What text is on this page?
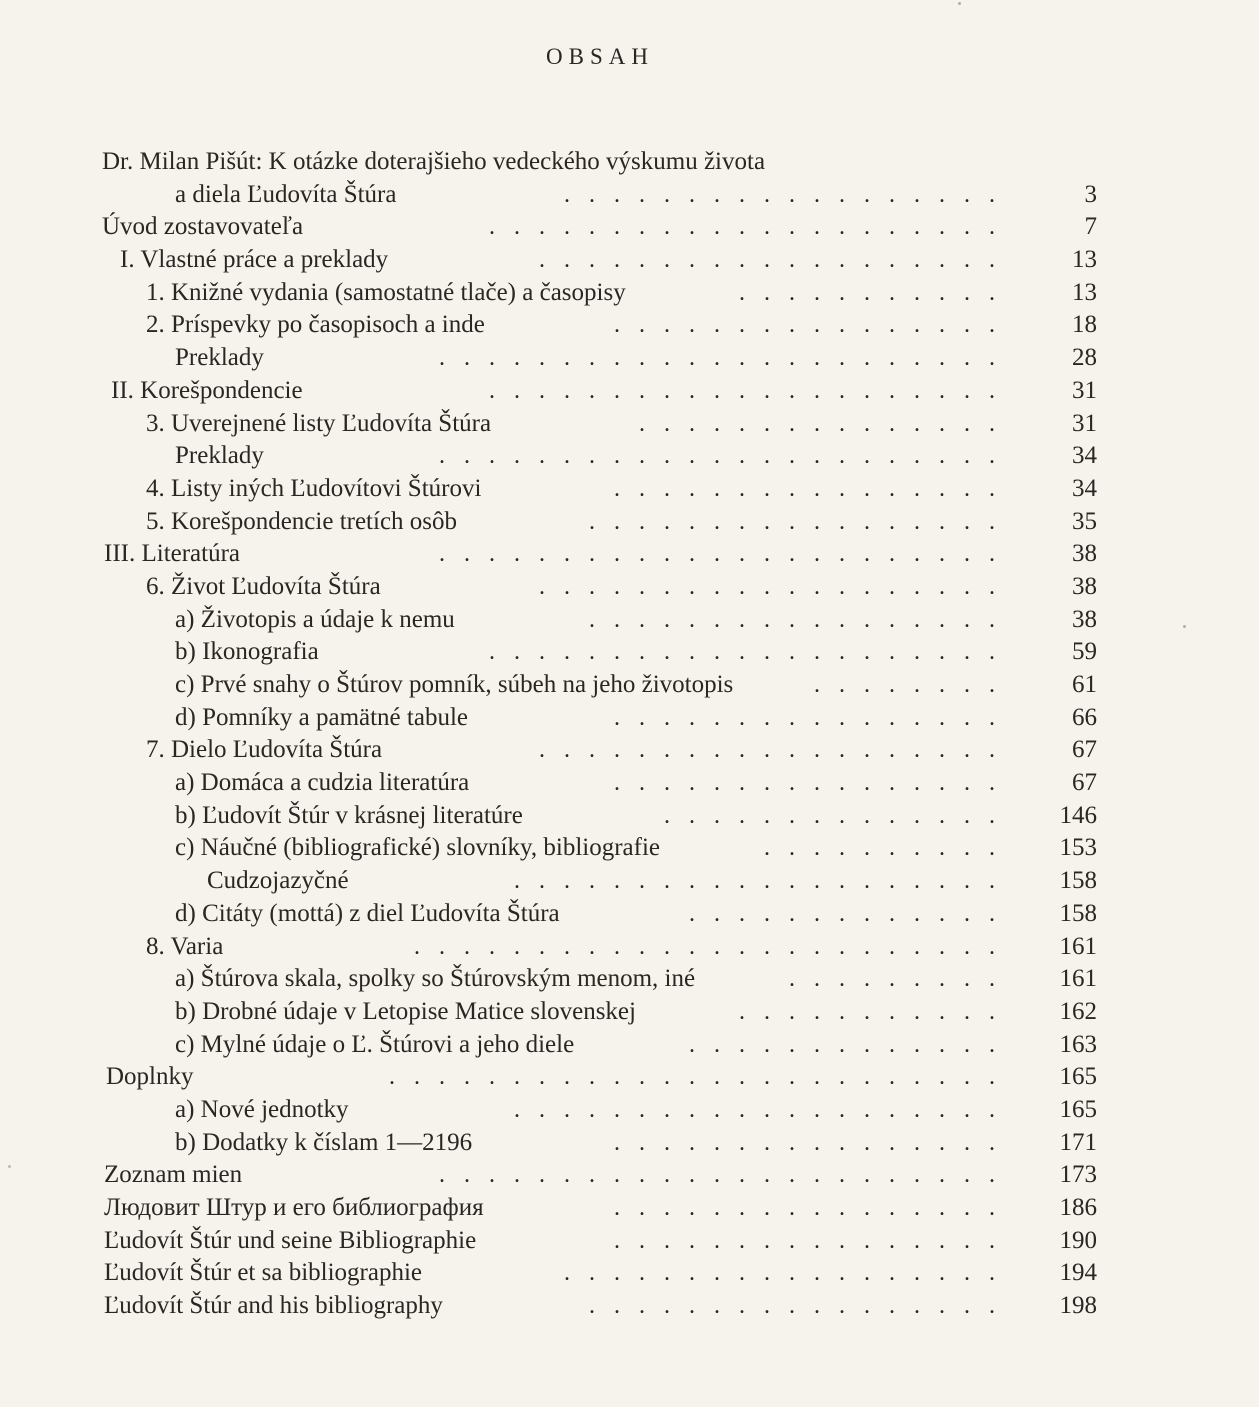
OBSAH
Dr. Milan Pišút: K otázke doterajšieho vedeckého výskumu života
a diela Ľudovíta Štúra	..................	3
Úvod zostavovateľa	.....................	7
I. Vlastné práce a preklady	...................	13
1. Knižné vydania (samostatné tlače) a časopisy	...........	13
2. Príspevky po časopisoch a inde	................	18
Preklady	.......................	28
II. Korešpondencie	.....................	31
3. Uverejnené listy Ľudovíta Štúra	...............	31
Preklady	.......................	34
4. Listy iných Ľudovítovi Štúrovi	................	34
5. Korešpondencie tretích osôb	.................	35
III. Literatúra	.......................	38
6. Život Ľudovíta Štúra	...................	38
a) Životopis a údaje k nemu	.................	38
b) Ikonografia	.....................	59
c) Prvé snahy o Štúrov pomník, súbeh na jeho životopis	........	61
d) Pomníky a pamätné tabule	................	66
7. Dielo Ľudovíta Štúra	...................	67
a) Domáca a cudzia literatúra	................	67
b) Ľudovít Štúr v krásnej literatúre	..............	146
c) Náučné (bibliografické) slovníky, bibliografie	..........	153
Cudzojazyčné	....................	158
d) Citáty (mottá) z diel Ľudovíta Štúra	.............	158
8. Varia	........................	161
a) Štúrova skala, spolky so Štúrovským menom, iné	.........	161
b) Drobné údaje v Letopise Matice slovenskej	...........	162
c) Mylné údaje o Ľ. Štúrovi a jeho diele	.............	163
Doplnky	.........................	165
a) Nové jednotky	....................	165
b) Dodatky k číslam 1—2196	................	171
Zoznam mien	.......................	173
Людовит Штур и его библиография	................	186
Ľudovít Štúr und seine Bibliographie	................	190
Ľudovít Štúr et sa bibliographie	..................	194
Ľudovít Štúr and his bibliography	.................	198
